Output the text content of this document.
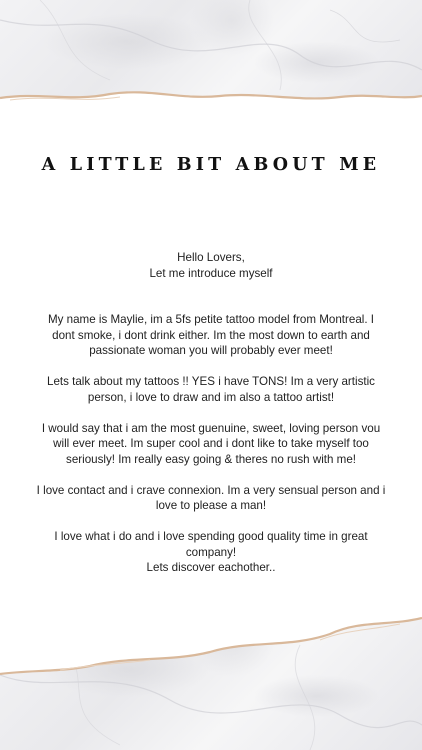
A LITTLE BIT ABOUT ME

Hello Lovers,
Let me introduce myself

My name is Maylie, im a 5fs petite tattoo model from Montreal. I dont smoke, i dont drink either. Im the most down to earth and passionate woman you will probably ever meet!

Lets talk about my tattoos !! YES i have TONS! Im a very artistic person, i love to draw and im also a tattoo artist!

I would say that i am the most guenuine, sweet, loving person vou will ever meet. Im super cool and i dont like to take myself too seriously! Im really easy going & theres no rush with me!

I love contact and i crave connexion. Im a very sensual person and i love to please a man!

I love what i do and i love spending good quality time in great company!
Lets discover eachother..
